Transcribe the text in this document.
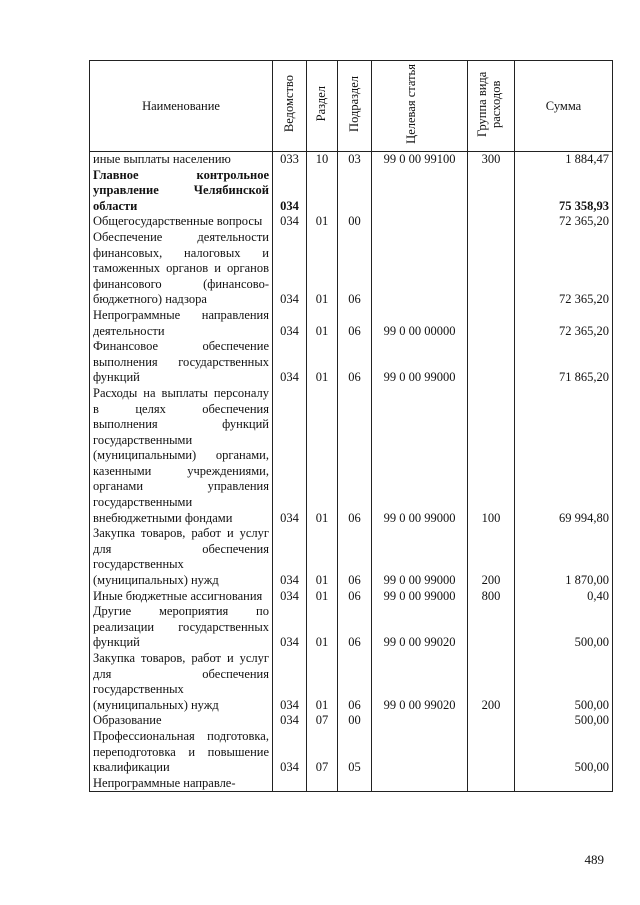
Наименование	Ведомство	Раздел	Подраздел	Целевая статья	Группа вида расходов	Сумма
иные выплаты населению	033	10	03	99 0 00 99100	300	1 884,47
Главное контрольное управление Челябинской области	034					75 358,93
Общегосударственные вопросы	034	01	00			72 365,20
Обеспечение деятельности финансовых, налоговых и таможенных органов и органов финансового (финансово-бюджетного) надзора	034	01	06			72 365,20
Непрограммные направления деятельности	034	01	06	99 0 00 00000		72 365,20
Финансовое обеспечение выполнения государственных функций	034	01	06	99 0 00 99000		71 865,20
Расходы на выплаты персоналу в целях обеспечения выполнения функций государственными (муниципальными) органами, казенными учреждениями, органами управления государственными внебюджетными фондами	034	01	06	99 0 00 99000	100	69 994,80
Закупка товаров, работ и услуг для обеспечения государственных (муниципальных) нужд	034	01	06	99 0 00 99000	200	1 870,00
Иные бюджетные ассигнования	034	01	06	99 0 00 99000	800	0,40
Другие мероприятия по реализации государственных функций	034	01	06	99 0 00 99020		500,00
Закупка товаров, работ и услуг для обеспечения государственных (муниципальных) нужд	034	01	06	99 0 00 99020	200	500,00
Образование	034	07	00			500,00
Профессиональная подготовка, переподготовка и повышение квалификации	034	07	05			500,00
Непрограммные направле-						
489
